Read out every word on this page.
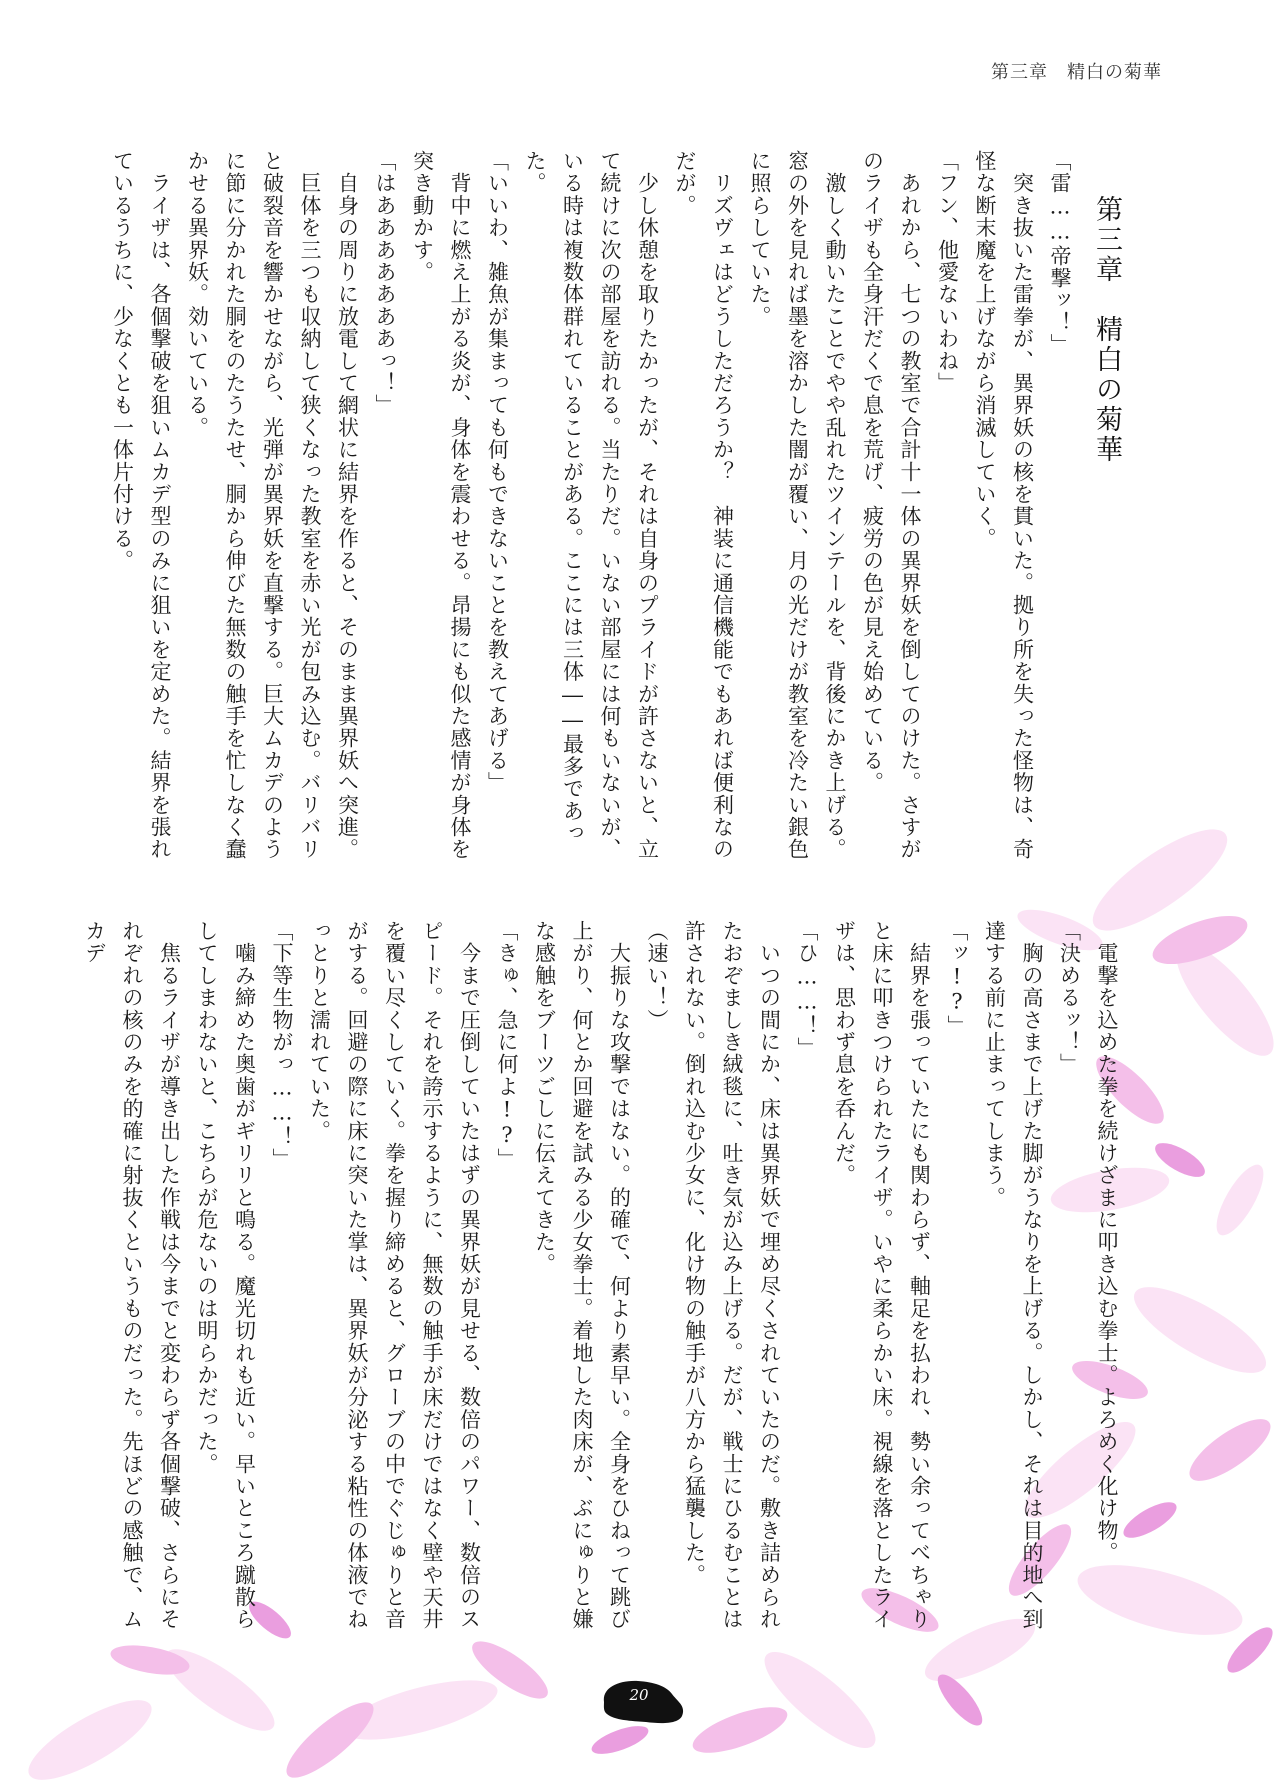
第三章　精白の菊華
第三章　精白の菊華

「雷……帝撃ッ！」

　突き抜いた雷拳が、異界妖の核を貫いた。拠り所を失った怪物は、奇怪な断末魔を上げながら消滅していく。

「フン、他愛ないわね」

　あれから、七つの教室で合計十一体の異界妖を倒してのけた。さすがのライザも全身汗だくで息を荒げ、疲労の色が見え始めている。

　激しく動いたことでやや乱れたツインテールを、背後にかき上げる。窓の外を見れば墨を溶かした闇が覆い、月の光だけが教室を冷たい銀色に照らしていた。

　リズヴェはどうしただろうか？　神装に通信機能でもあれば便利なのだが。

　少し休憩を取りたかったが、それは自身のプライドが許さないと、立て続けに次の部屋を訪れる。当たりだ。いない部屋には何もいないが、いる時は複数体群れていることがある。ここには三体――最多であった。

「いいわ、雑魚が集まっても何もできないことを教えてあげる」

　背中に燃え上がる炎が、身体を震わせる。昂揚にも似た感情が身体を突き動かす。

「はあああああああっ！」

　自身の周りに放電して網状に結界を作ると、そのまま異界妖へ突進。

　巨体を三つも収納して狭くなった教室を赤い光が包み込む。バリバリと破裂音を響かせながら、光弾が異界妖を直撃する。巨大ムカデのように節に分かれた胴をのたうたせ、胴から伸びた無数の触手を忙しなく蠢かせる異界妖。効いている。

　ライザは、各個撃破を狙いムカデ型のみに狙いを定めた。結界を張れているうちに、少なくとも一体片付ける。

　電撃を込めた拳を続けざまに叩き込む拳士。よろめく化け物。

「決めるッ！」

　胸の高さまで上げた脚がうなりを上げる。しかし、それは目的地へ到達する前に止まってしまう。

「ッ!?」

　結界を張っていたにも関わらず、軸足を払われ、勢い余ってべちゃりと床に叩きつけられたライザ。いやに柔らかい床。視線を落としたライザは、思わず息を呑んだ。

「ひ……！」

　いつの間にか、床は異界妖で埋め尽くされていたのだ。敷き詰められたおぞましき絨毯に、吐き気が込み上げる。だが、戦士にひるむことは許されない。倒れ込む少女に、化け物の触手が八方から猛襲した。

（速い！）

　大振りな攻撃ではない。的確で、何より素早い。全身をひねって跳び上がり、何とか回避を試みる少女拳士。着地した肉床が、ぶにゅりと嫌な感触をブーツごしに伝えてきた。

「きゅ、急に何よ!?」

　今まで圧倒していたはずの異界妖が見せる、数倍のパワー、数倍のスピード。それを誇示するように、無数の触手が床だけではなく壁や天井を覆い尽くしていく。拳を握り締めると、グローブの中でぐじゅりと音がする。回避の際に床に突いた掌は、異界妖が分泌する粘性の体液でねっとりと濡れていた。

「下等生物がっ……！」

　噛み締めた奥歯がギリリと鳴る。魔光切れも近い。早いところ蹴散らしてしまわないと、こちらが危ないのは明らかだった。

　焦るライザが導き出した作戦は今までと変わらず各個撃破、さらにそれぞれの核のみを的確に射抜くというものだった。先ほどの感触で、ムカデ

20
